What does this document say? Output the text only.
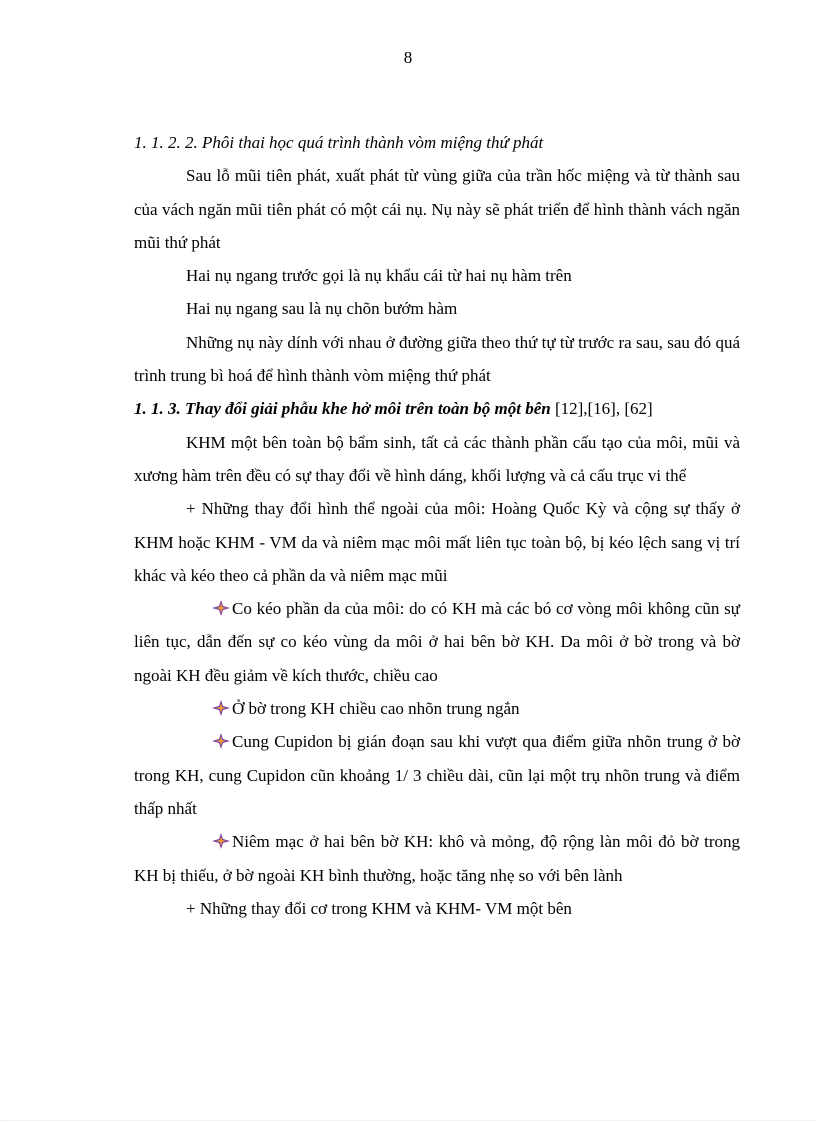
8

1. 1. 2. 2. Phôi thai học quá trình thành vòm miệng thứ phát

Sau lỗ mũi tiên phát, xuất phát từ vùng giữa của trần hốc miệng và từ thành sau của vách ngăn mũi tiên phát có một cái nụ. Nụ này sẽ phát triển để hình thành vách ngăn mũi thứ phát

Hai nụ ngang trước gọi là nụ khẩu cái từ hai nụ hàm trên

Hai nụ ngang sau là nụ chõn bướm hàm

Những nụ này dính với nhau ở đường giữa theo thứ tự từ trước ra sau, sau đó quá trình trung bì hoá để hình thành vòm miệng thứ phát

1. 1. 3. Thay đổi giải phẫu khe hở môi trên toàn bộ một bên [12],[16], [62]

KHM một bên toàn bộ bẩm sinh, tất cả các thành phần cấu tạo của môi, mũi và xương hàm trên đều có sự thay đổi về hình dáng, khối lượng và cả cấu trục vi thể

+ Những thay đổi hình thể ngoài của môi: Hoàng Quốc Kỳ và cộng sự thấy ở KHM hoặc KHM - VM da và niêm mạc môi mất liên tục toàn bộ, bị kéo lệch sang vị trí khác và kéo theo cả phần da và niêm mạc mũi

Co kéo phần da của môi: do có KH mà các bó cơ vòng môi không cũn sự liên tục, dẫn đến sự co kéo vùng da môi ở hai bên bờ KH. Da môi ở bờ trong và bờ ngoài KH đều giảm về kích thước, chiều cao

Ở bờ trong KH chiều cao nhõn trung ngắn

Cung Cupidon bị gián đoạn sau khi vượt qua điểm giữa nhõn trung ở bờ trong KH, cung Cupidon cũn khoảng 1/ 3 chiều dài, cũn lại một trụ nhõn trung và điểm thấp nhất

Niêm mạc ở hai bên bờ KH: khô và mỏng, độ rộng làn môi đỏ bờ trong KH bị thiếu, ở bờ ngoài KH bình thường, hoặc tăng nhẹ so với bên lành

+ Những thay đổi cơ trong KHM và KHM- VM một bên
